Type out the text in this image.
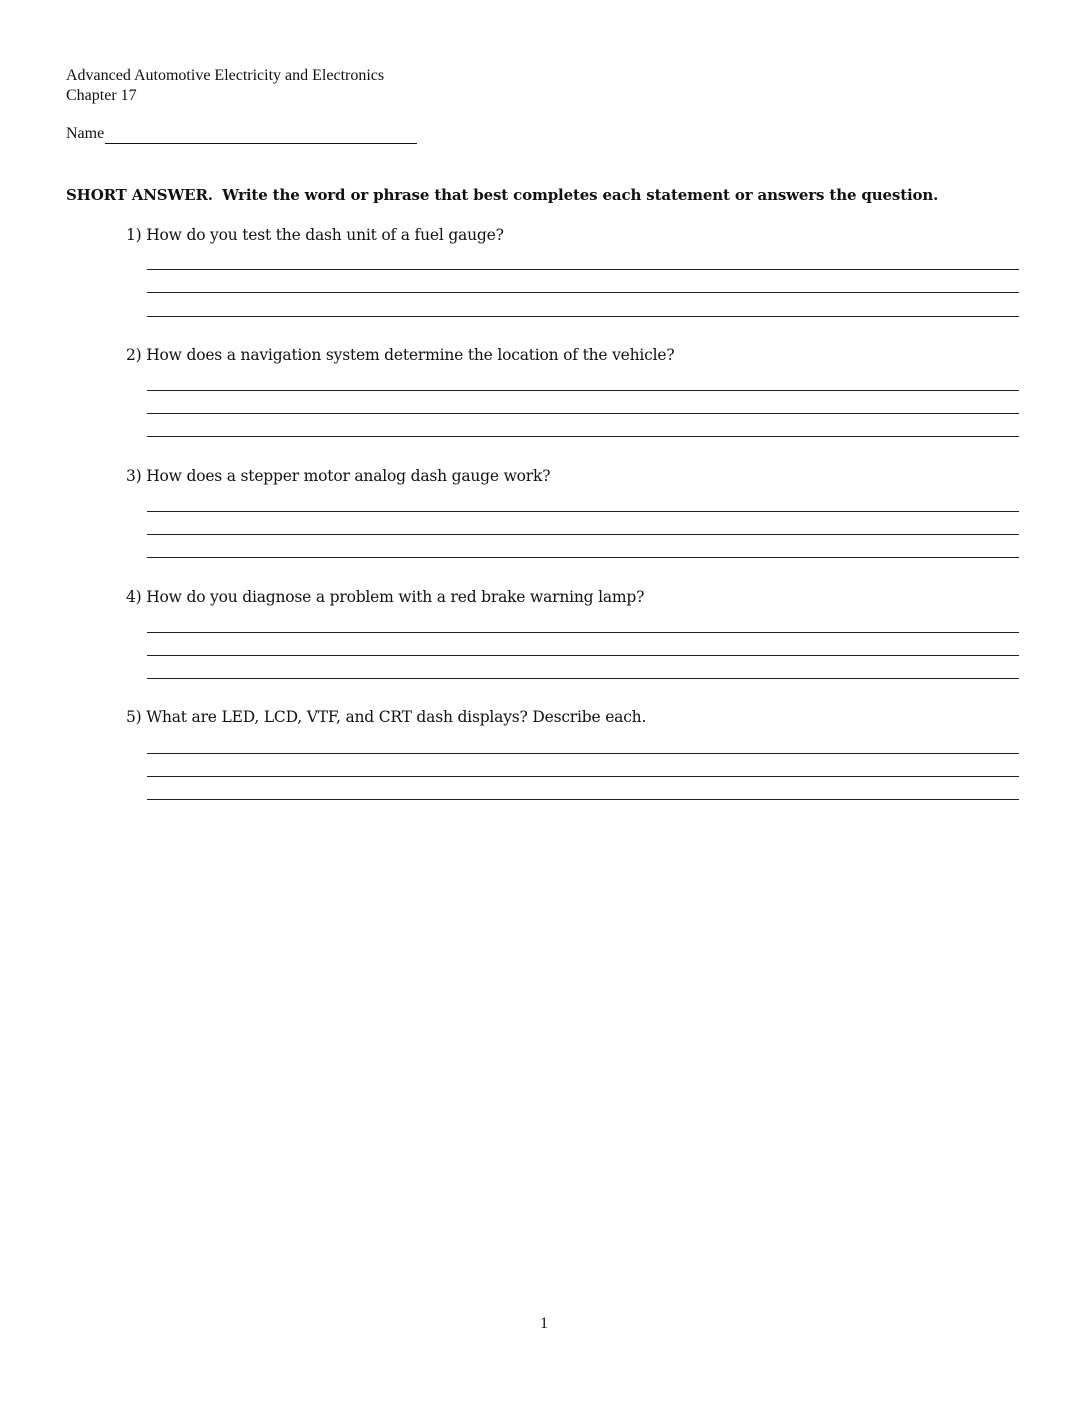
Advanced Automotive Electricity and Electronics
Chapter 17
Name
SHORT ANSWER. Write the word or phrase that best completes each statement or answers the question.
1) How do you test the dash unit of a fuel gauge?
2) How does a navigation system determine the location of the vehicle?
3) How does a stepper motor analog dash gauge work?
4) How do you diagnose a problem with a red brake warning lamp?
5) What are LED, LCD, VTF, and CRT dash displays? Describe each.
1
